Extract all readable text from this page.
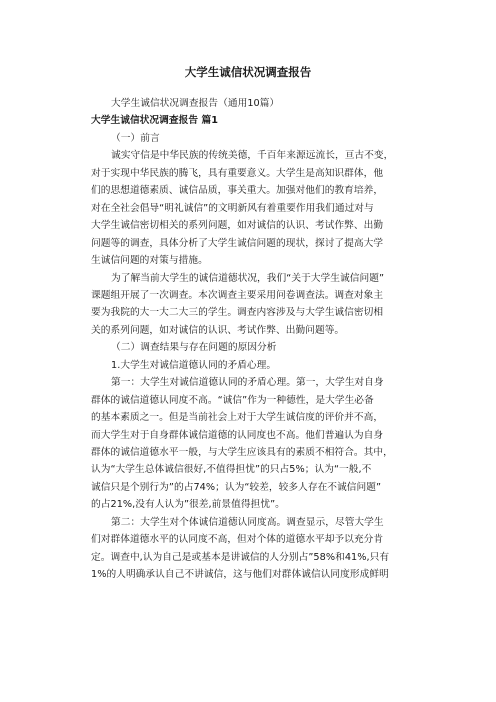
大学生诚信状况调查报告
大学生诚信状况调查报告（通用10篇）
大学生诚信状况调查报告 篇1
（一）前言
诚实守信是中华民族的传统美德，千百年来源远流长，亘古不变，
对于实现中华民族的腾飞，具有重要意义。大学生是高知识群体，他
们的思想道德素质、诚信品质，事关重大。加强对他们的教育培养，
对在全社会倡导“明礼诚信”的文明新风有着重要作用我们通过对与
大学生诚信密切相关的系列问题，如对诚信的认识、考试作弊、出勤
问题等的调查，具体分析了大学生诚信问题的现状，探讨了提高大学
生诚信问题的对策与措施。
为了解当前大学生的诚信道德状况，我们“关于大学生诚信问题”
课题组开展了一次调查。本次调查主要采用问卷调查法。调查对象主
要为我院的大一大二大三的学生。调查内容涉及与大学生诚信密切相
关的系列问题，如对诚信的认识、考试作弊、出勤问题等。
（二）调查结果与存在问题的原因分析
1.大学生对诚信道德认同的矛盾心理。
第一：大学生对诚信道德认同的矛盾心理。第一，大学生对自身
群体的诚信道德认同度不高。“诚信”作为一种德性，是大学生必备
的基本素质之一。但是当前社会上对于大学生诚信度的评价并不高，
而大学生对于自身群体诚信道德的认同度也不高。他们普遍认为自身
群体的诚信道德水平一般，与大学生应该具有的素质不相符合。其中，
认为“大学生总体诚信很好,不值得担忧”的只占5%；认为“一般,不
诚信只是个别行为”的占74%；认为“较差，较多人存在不诚信问题”
的占21%,没有人认为”很差,前景值得担忧”。
第二：大学生对个体诚信道德认同度高。调查显示，尽管大学生
们对群体道德水平的认同度不高，但对个体的道德水平却予以充分肯
定。调查中,认为自己是或基本是讲诚信的人分别占”58%和41%,只有
1%的人明确承认自己不讲诚信，这与他们对群体诚信认同度形成鲜明
